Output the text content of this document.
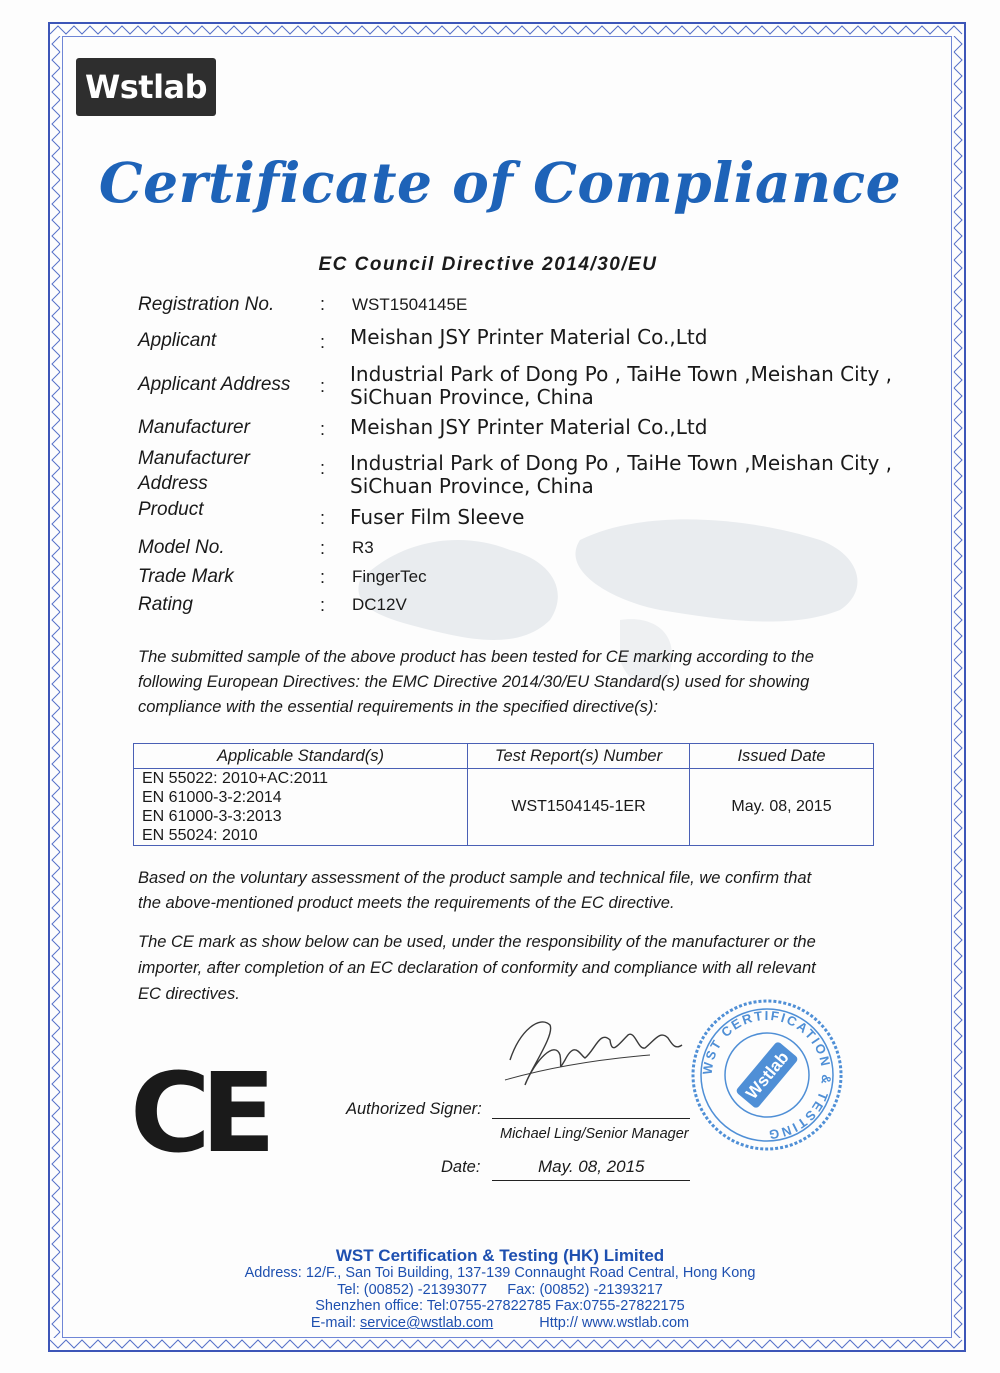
Wstlab
Certificate of Compliance
EC Council Directive 2014/30/EU
Registration No.	: WST1504145E
Applicant	: Meishan JSY Printer Material Co.,Ltd
Applicant Address : Industrial Park of Dong Po , TaiHe Town ,Meishan City ,
SiChuan Province, China
Manufacturer	: Meishan JSY Printer Material Co.,Ltd
Manufacturer
Address
: Industrial Park of Dong Po , TaiHe Town ,Meishan City ,
SiChuan Province, China
Product	: Fuser Film Sleeve
Model No.	: R3
Trade Mark	: FingerTec
Rating	: DC12V
The submitted sample of the above product has been tested for CE marking according to the
following European Directives: the EMC Directive 2014/30/EU Standard(s) used for showing
compliance with the essential requirements in the specified directive(s):
Applicable Standard(s)	Test Report(s) Number	Issued Date

EN 55022: 2010+AC:2011
EN 61000-3-2:2014
EN 61000-3-3:2013
EN 55024: 2010	WST1504145-1ER	May. 08, 2015
Based on the voluntary assessment of the product sample and technical file, we confirm that
the above-mentioned product meets the requirements of the EC directive.
The CE mark as show below can be used, under the responsibility of the manufacturer or the
importer, after completion of an EC declaration of conformity and compliance with all relevant
EC directives.
CE	WST CERTIFICATION & TESTING
Wstlab
Authorized Signer:
Michael Ling/Senior Manager
Date:	May. 08, 2015
WST Certification & Testing (HK) Limited
Address: 12/F., San Toi Building, 137-139 Connaught Road Central, Hong Kong
Tel: (00852) -21393077     Fax: (00852) -21393217
Shenzhen office: Tel:0755-27822785 Fax:0755-27822175
E-mail: service@wstlab.com	Http:// www.wstlab.com
